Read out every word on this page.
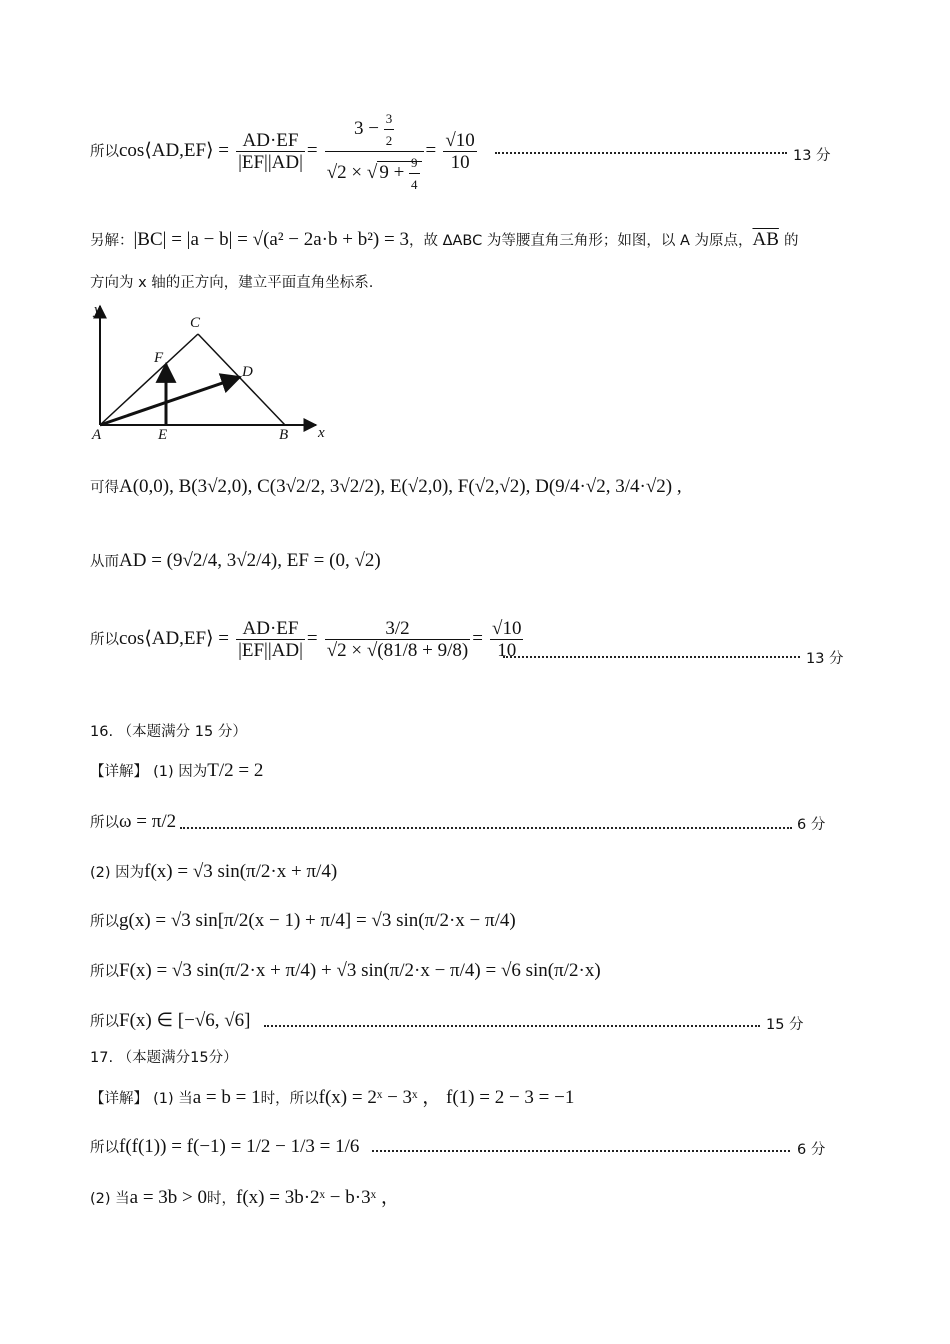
所以cos⟨AD,EF⟩ = $\frac{AD\cdot EF}{|EF||AD|} = \frac{3 - \frac{3}{2}}{√2 \times √ 9 + \frac{9}{4}} = \frac{√10}{10}$	13 分
另解：|BC| = |a − b| = √(a² − 2a·b + b²) = 3，故 ΔABC 为等腰直角三角形；如图，以 A 为原点，$\overline{AB}$ 的
方向为 x 轴的正方向，建立平面直角坐标系.
y
C
F
D
A	E	B x
可得A(0,0), B(3√2,0), C(3√2/2, 3√2/2), E(√2,0), F(√2,√2), D(9/4·√2, 3/4·√2) ,
从而AD = (9√2/4, 3√2/4), EF = (0, √2)
所以cos⟨AD,EF⟩ = $\frac{AD\cdot EF}{|EF||AD|} = \frac{3/2}{√2 \times √(81/8 + 9/8)} = \frac{√10}{10}$	13 分
16. （本题满分 15 分）
【详解】 (1) 因为T/2 = 2
所以ω = π/2	6 分
(2) 因为f(x) = √3 sin(π/2·x + π/4)
所以g(x) = √3 sin[π/2(x − 1) + π/4] = √3 sin(π/2·x − π/4)
所以F(x) = √3 sin(π/2·x + π/4) + √3 sin(π/2·x − π/4) = √6 sin(π/2·x)
所以F(x) ∈ [−√6, √6]	15 分
17. （本题满分15分）
【详解】 (1) 当a = b = 1时，所以f(x) = 2ˣ − 3ˣ ， f(1) = 2 − 3 = −1
所以f(f(1)) = f(−1) = 1/2 − 1/3 = 1/6	6 分
(2) 当a = 3b > 0时，f(x) = 3b·2ˣ − b·3ˣ ，
